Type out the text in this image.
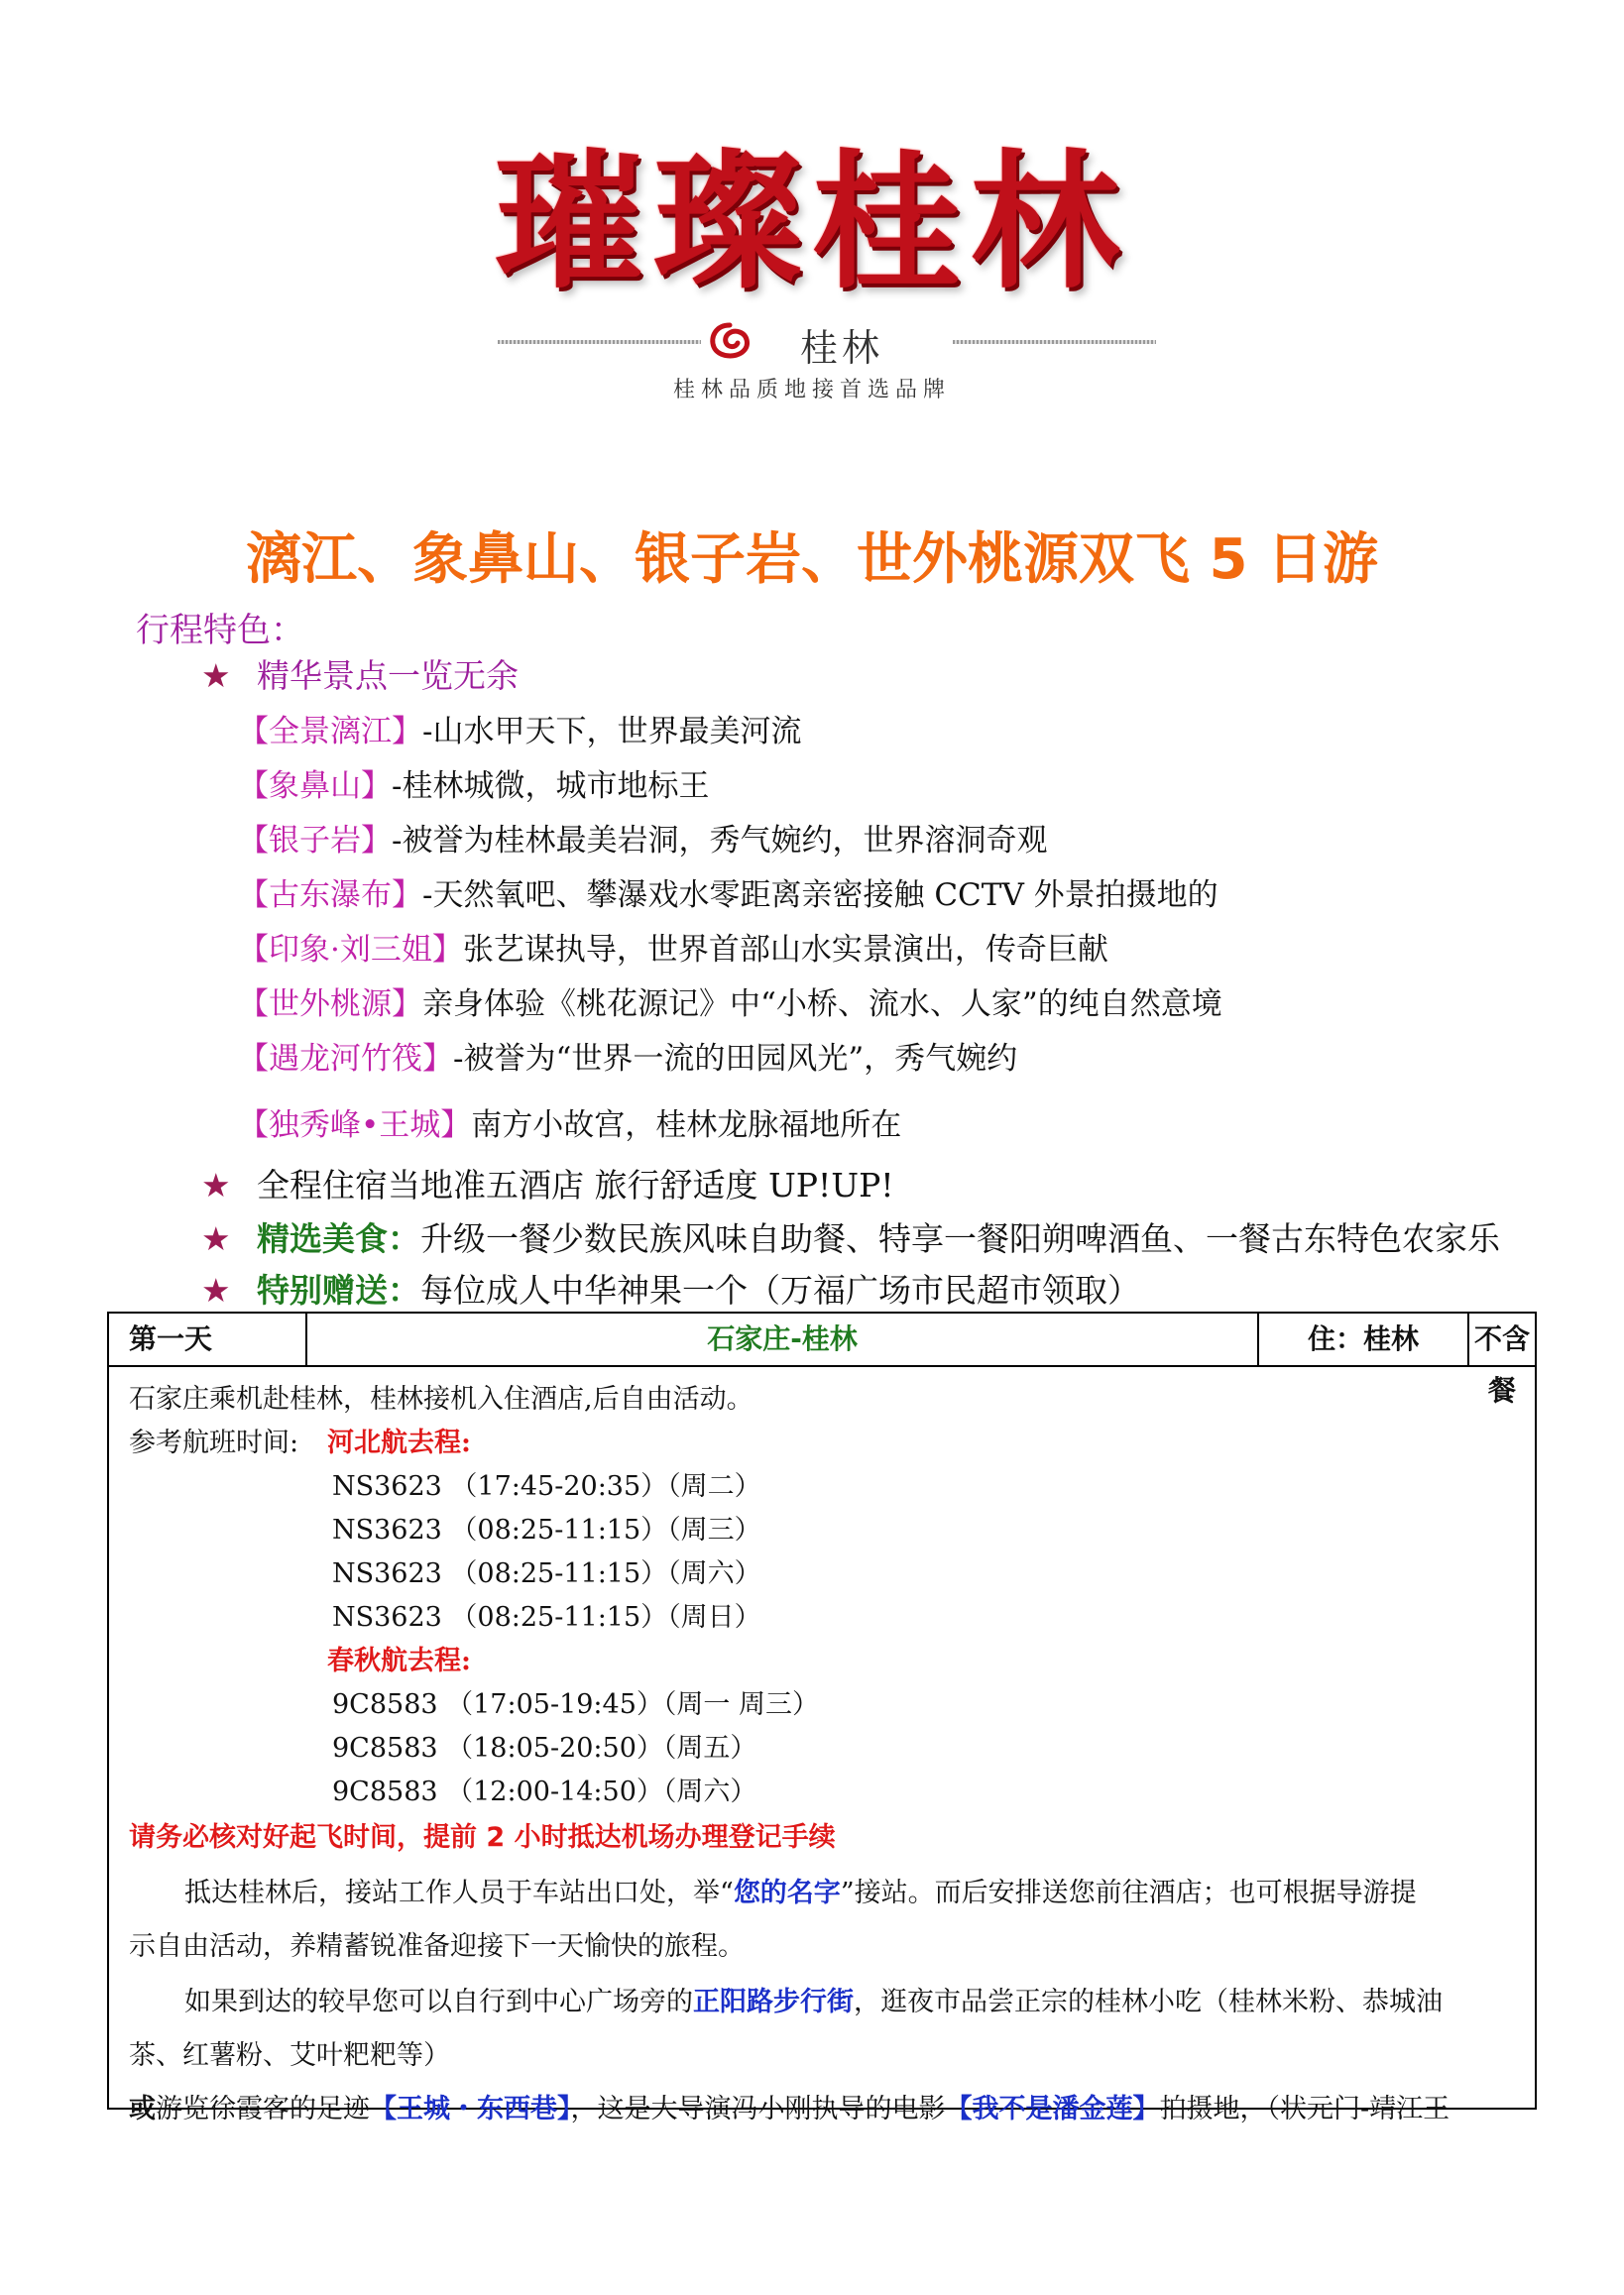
璀璨桂林
桂林
桂林品质地接首选品牌
漓江、象鼻山、银子岩、世外桃源双飞 5 日游
行程特色：
★ 精华景点一览无余
【全景漓江】-山水甲天下，世界最美河流
【象鼻山】-桂林城微，城市地标王
【银子岩】-被誉为桂林最美岩洞，秀气婉约，世界溶洞奇观
【古东瀑布】-天然氧吧、攀瀑戏水零距离亲密接触 CCTV 外景拍摄地的
【印象·刘三姐】张艺谋执导，世界首部山水实景演出，传奇巨献
【世外桃源】亲身体验《桃花源记》中“小桥、流水、人家”的纯自然意境
【遇龙河竹筏】-被誉为“世界一流的田园风光”，秀气婉约
【独秀峰•王城】南方小故宫，桂林龙脉福地所在
★ 全程住宿当地准五酒店 旅行舒适度 UP!UP!
★ 精选美食：升级一餐少数民族风味自助餐、特享一餐阳朔啤酒鱼、一餐古东特色农家乐
★ 特别赠送：每位成人中华神果一个（万福广场市民超市领取）
第一天	石家庄-桂林	住：桂林	不含餐
石家庄乘机赴桂林，桂林接机入住酒店,后自由活动。
参考航班时间: 河北航去程:
NS3623 （17:45-20:35）（周二）
NS3623 （08:25-11:15）（周三）
NS3623 （08:25-11:15）（周六）
NS3623 （08:25-11:15）（周日）
春秋航去程:
9C8583 （17:05-19:45）（周一 周三）
9C8583 （18:05-20:50）（周五）
9C8583 （12:00-14:50）（周六）
请务必核对好起飞时间，提前 2 小时抵达机场办理登记手续
抵达桂林后，接站工作人员于车站出口处，举“您的名字”接站。而后安排送您前往酒店；也可根据导游提
示自由活动，养精蓄锐准备迎接下一天愉快的旅程。
如果到达的较早您可以自行到中心广场旁的正阳路步行街，逛夜市品尝正宗的桂林小吃（桂林米粉、恭城油
茶、红薯粉、艾叶粑粑等）
或游览徐霞客的足迹【王城・东西巷】，这是大导演冯小刚执导的电影【我不是潘金莲】拍摄地，（状元门-靖江王
